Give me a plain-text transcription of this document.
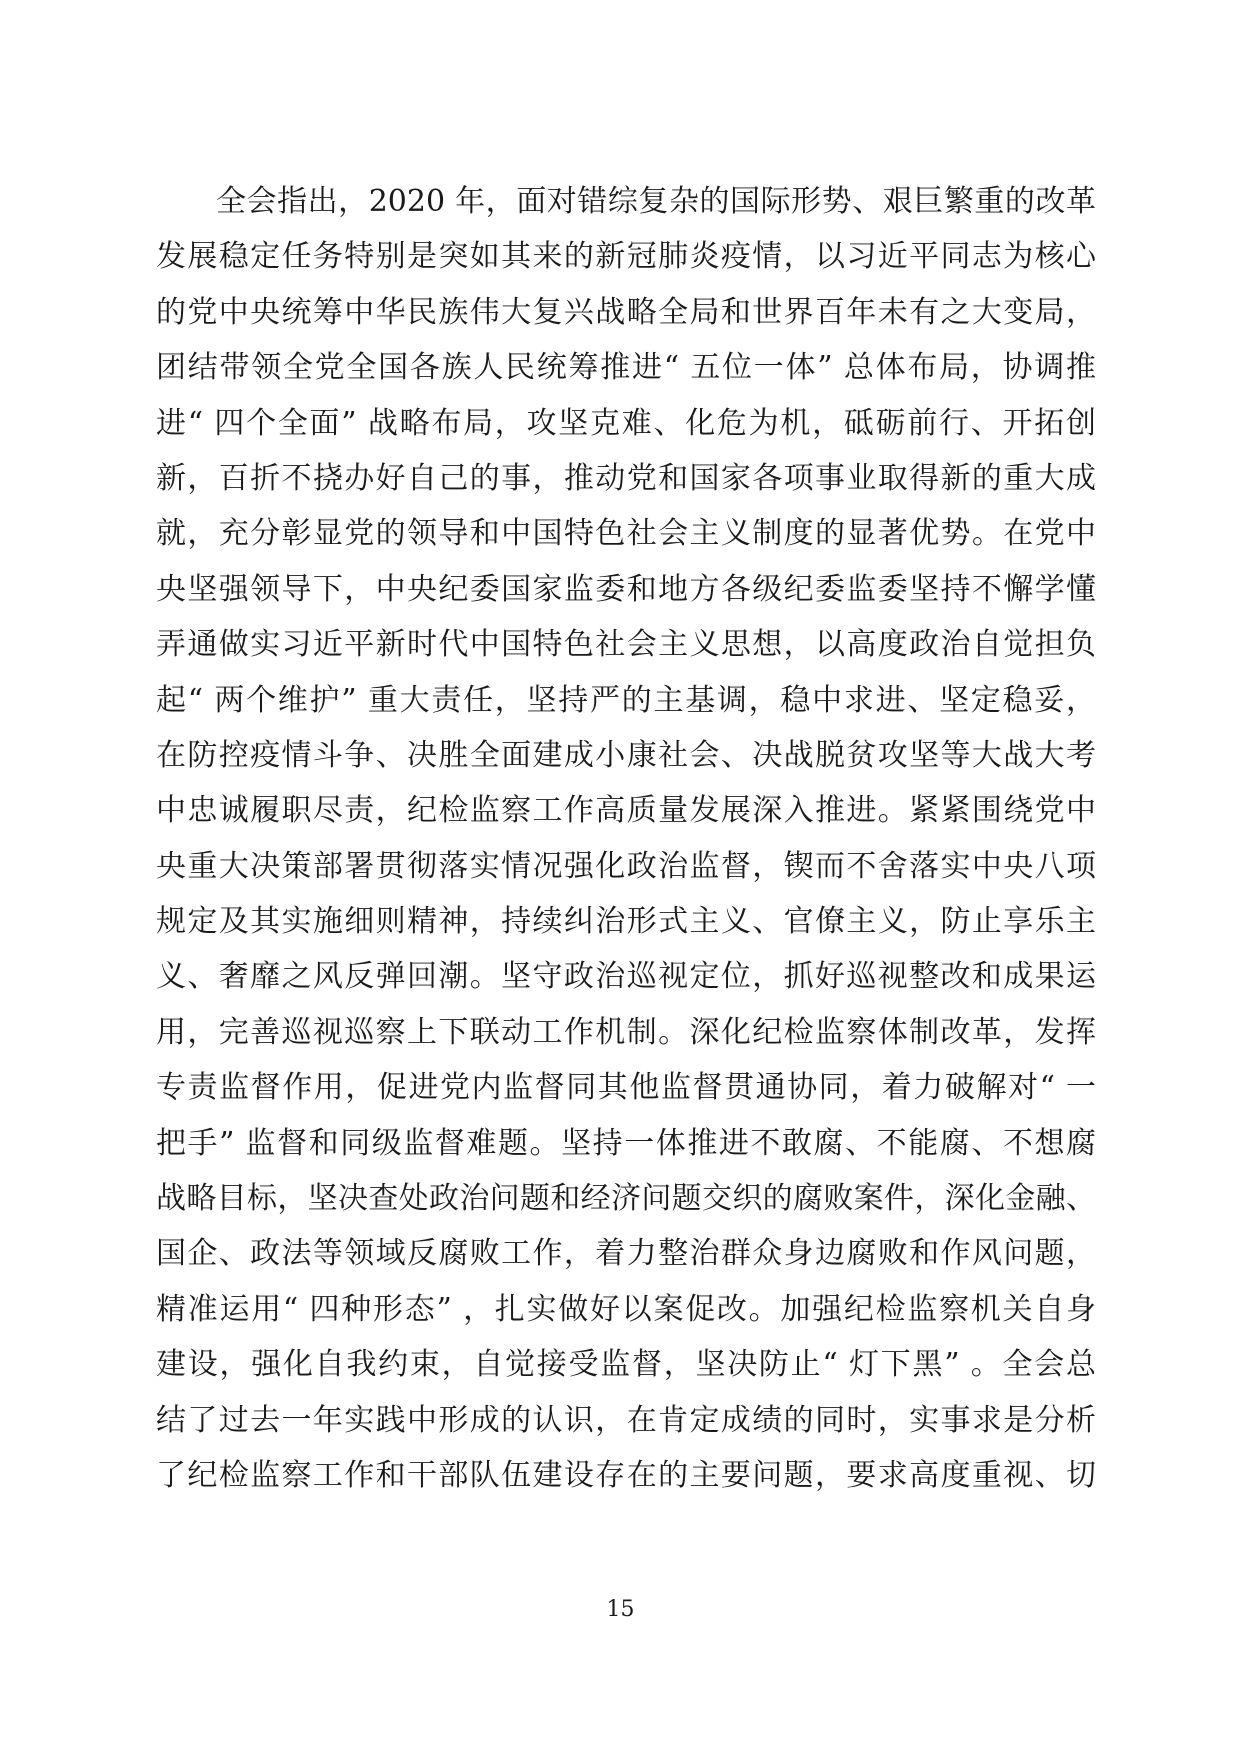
全会指出，2020 年，面对错综复杂的国际形势、艰巨繁重的改革
发展稳定任务特别是突如其来的新冠肺炎疫情，以习近平同志为核心
的党中央统筹中华民族伟大复兴战略全局和世界百年未有之大变局，
团结带领全党全国各族人民统筹推进“ 五位一体” 总体布局，协调推
进“ 四个全面” 战略布局，攻坚克难、化危为机，砥砺前行、开拓创
新，百折不挠办好自己的事，推动党和国家各项事业取得新的重大成
就，充分彰显党的领导和中国特色社会主义制度的显著优势。在党中
央坚强领导下，中央纪委国家监委和地方各级纪委监委坚持不懈学懂
弄通做实习近平新时代中国特色社会主义思想，以高度政治自觉担负
起“ 两个维护” 重大责任，坚持严的主基调，稳中求进、坚定稳妥，
在防控疫情斗争、决胜全面建成小康社会、决战脱贫攻坚等大战大考
中忠诚履职尽责，纪检监察工作高质量发展深入推进。紧紧围绕党中
央重大决策部署贯彻落实情况强化政治监督，锲而不舍落实中央八项
规定及其实施细则精神，持续纠治形式主义、官僚主义，防止享乐主
义、奢靡之风反弹回潮。坚守政治巡视定位，抓好巡视整改和成果运
用，完善巡视巡察上下联动工作机制。深化纪检监察体制改革，发挥
专责监督作用，促进党内监督同其他监督贯通协同，着力破解对“ 一
把手” 监督和同级监督难题。坚持一体推进不敢腐、不能腐、不想腐
战略目标，坚决查处政治问题和经济问题交织的腐败案件，深化金融、
国企、政法等领域反腐败工作，着力整治群众身边腐败和作风问题，
精准运用“ 四种形态” ，扎实做好以案促改。加强纪检监察机关自身
建设，强化自我约束，自觉接受监督，坚决防止“ 灯下黑” 。全会总
结了过去一年实践中形成的认识，在肯定成绩的同时，实事求是分析
了纪检监察工作和干部队伍建设存在的主要问题，要求高度重视、切
15
